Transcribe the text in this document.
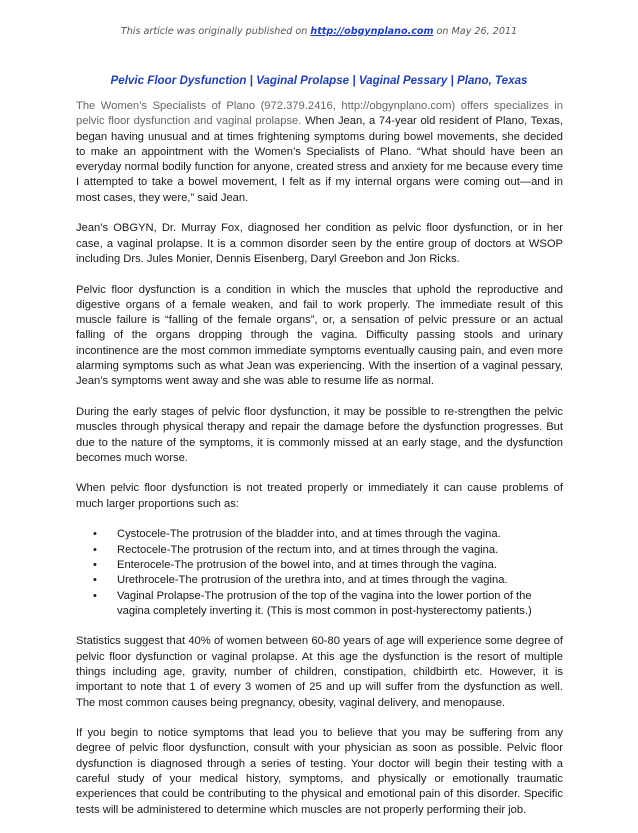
This article was originally published on http://obgynplano.com on May 26, 2011
Pelvic Floor Dysfunction | Vaginal Prolapse | Vaginal Pessary | Plano, Texas

The Women’s Specialists of Plano (972.379.2416, http://obgynplano.com) offers specializes in pelvic floor dysfunction and vaginal prolapse. When Jean, a 74-year old resident of Plano, Texas, began having unusual and at times frightening symptoms during bowel movements, she decided to make an appointment with the Women’s Specialists of Plano. “What should have been an everyday normal bodily function for anyone, created stress and anxiety for me because every time I attempted to take a bowel movement, I felt as if my internal organs were coming out—and in most cases, they were,” said Jean.

Jean’s OBGYN, Dr. Murray Fox, diagnosed her condition as pelvic floor dysfunction, or in her case, a vaginal prolapse. It is a common disorder seen by the entire group of doctors at WSOP including Drs. Jules Monier, Dennis Eisenberg, Daryl Greebon and Jon Ricks.

Pelvic floor dysfunction is a condition in which the muscles that uphold the reproductive and digestive organs of a female weaken, and fail to work properly. The immediate result of this muscle failure is “falling of the female organs”, or, a sensation of pelvic pressure or an actual falling of the organs dropping through the vagina. Difficulty passing stools and urinary incontinence are the most common immediate symptoms eventually causing pain, and even more alarming symptoms such as what Jean was experiencing. With the insertion of a vaginal pessary, Jean’s symptoms went away and she was able to resume life as normal.

During the early stages of pelvic floor dysfunction, it may be possible to re-strengthen the pelvic muscles through physical therapy and repair the damage before the dysfunction progresses. But due to the nature of the symptoms, it is commonly missed at an early stage, and the dysfunction becomes much worse.

When pelvic floor dysfunction is not treated properly or immediately it can cause problems of much larger proportions such as:

• Cystocele-The protrusion of the bladder into, and at times through the vagina.
• Rectocele-The protrusion of the rectum into, and at times through the vagina.
• Enterocele-The protrusion of the bowel into, and at times through the vagina.
• Urethrocele-The protrusion of the urethra into, and at times through the vagina.
• Vaginal Prolapse-The protrusion of the top of the vagina into the lower portion of the vagina completely inverting it. (This is most common in post-hysterectomy patients.)

Statistics suggest that 40% of women between 60-80 years of age will experience some degree of pelvic floor dysfunction or vaginal prolapse. At this age the dysfunction is the resort of multiple things including age, gravity, number of children, constipation, childbirth etc. However, it is important to note that 1 of every 3 women of 25 and up will suffer from the dysfunction as well. The most common causes being pregnancy, obesity, vaginal delivery, and menopause.

If you begin to notice symptoms that lead you to believe that you may be suffering from any degree of pelvic floor dysfunction, consult with your physician as soon as possible. Pelvic floor dysfunction is diagnosed through a series of testing. Your doctor will begin their testing with a careful study of your medical history, symptoms, and physically or emotionally traumatic experiences that could be contributing to the physical and emotional pain of this disorder. Specific tests will be administered to determine which muscles are not properly performing their job.
